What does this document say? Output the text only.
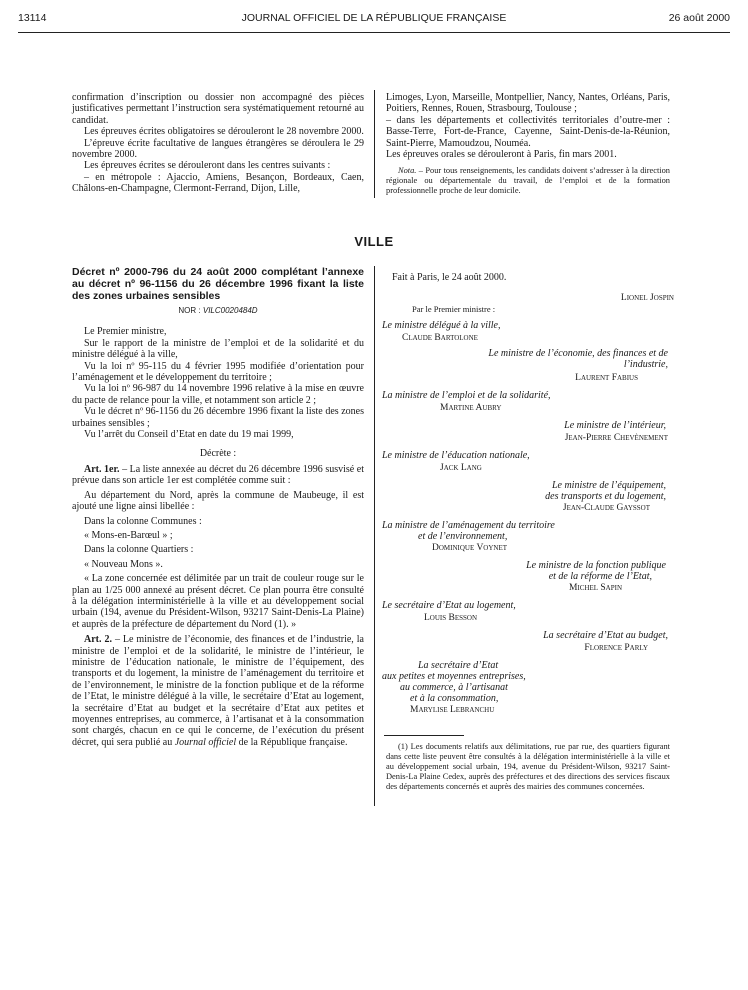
13114	JOURNAL OFFICIEL DE LA RÉPUBLIQUE FRANÇAISE	26 août 2000

confirmation d’inscription ou dossier non accompagné des pièces justificatives permettant l’instruction sera systématiquement retourné au candidat.

Les épreuves écrites obligatoires se dérouleront le 28 novembre 2000.

L’épreuve écrite facultative de langues étrangères se déroulera le 29 novembre 2000.

Les épreuves écrites se dérouleront dans les centres suivants :

– en métropole : Ajaccio, Amiens, Besançon, Bordeaux, Caen, Châlons-en-Champagne, Clermont-Ferrand, Dijon, Lille,

Limoges, Lyon, Marseille, Montpellier, Nancy, Nantes, Orléans, Paris, Poitiers, Rennes, Rouen, Strasbourg, Toulouse ;

– dans les départements et collectivités territoriales d’outre-mer : Basse-Terre, Fort-de-France, Cayenne, Saint-Denis-de-la-Réunion, Saint-Pierre, Mamoudzou, Nouméa.

Les épreuves orales se dérouleront à Paris, fin mars 2001.

Nota. – Pour tous renseignements, les candidats doivent s’adresser à la direction régionale ou départementale du travail, de l’emploi et de la formation professionnelle proche de leur domicile.

VILLE
Décret nº 2000-796 du 24 août 2000 complétant l’annexe au décret nº 96-1156 du 26 décembre 1996 fixant la liste des zones urbaines sensibles
NOR : VILC0020484D

Le Premier ministre,

Sur le rapport de la ministre de l’emploi et de la solidarité et du ministre délégué à la ville,

Vu la loi nº 95-115 du 4 février 1995 modifiée d’orientation pour l’aménagement et le développement du territoire ;

Vu la loi nº 96-987 du 14 novembre 1996 relative à la mise en œuvre du pacte de relance pour la ville, et notamment son article 2 ;

Vu le décret nº 96-1156 du 26 décembre 1996 fixant la liste des zones urbaines sensibles ;

Vu l’arrêt du Conseil d’Etat en date du 19 mai 1999,

Décrète :

Art. 1er. – La liste annexée au décret du 26 décembre 1996 susvisé et prévue dans son article 1er est complétée comme suit :

Au département du Nord, après la commune de Maubeuge, il est ajouté une ligne ainsi libellée :

Dans la colonne Communes :

« Mons-en-Barœul » ;

Dans la colonne Quartiers :

« Nouveau Mons ».

« La zone concernée est délimitée par un trait de couleur rouge sur le plan au 1/25 000 annexé au présent décret. Ce plan pourra être consulté à la délégation interministérielle à la ville et au développement social urbain (194, avenue du Président-Wilson, 93217 Saint-Denis-La Plaine) et auprès de la préfecture de département du Nord (1). »

Art. 2. – Le ministre de l’économie, des finances et de l’industrie, la ministre de l’emploi et de la solidarité, le ministre de l’intérieur, le ministre de l’éducation nationale, le ministre de l’équipement, des transports et du logement, la ministre de l’aménagement du territoire et de l’environnement, le ministre de la fonction publique et de la réforme de l’Etat, le ministre délégué à la ville, le secrétaire d’Etat au logement, la secrétaire d’Etat au budget et la secrétaire d’Etat aux petites et moyennes entreprises, au commerce, à l’artisanat et à la consommation sont chargés, chacun en ce qui le concerne, de l’exécution du présent décret, qui sera publié au Journal officiel de la République française.

Fait à Paris, le 24 août 2000.
Lionel Jospin
Par le Premier ministre :
Le ministre délégué à la ville,
Claude Bartolone
Le ministre de l’économie, des finances et de l’industrie,
Laurent Fabius
La ministre de l’emploi et de la solidarité,
Martine Aubry
Le ministre de l’intérieur,
Jean-Pierre Chevènement
Le ministre de l’éducation nationale,
Jack Lang
Le ministre de l’équipement,
des transports et du logement,
Jean-Claude Gayssot
La ministre de l’aménagement du territoire
et de l’environnement,
Dominique Voynet
Le ministre de la fonction publique
et de la réforme de l’Etat,
Michel Sapin
Le secrétaire d’Etat au logement,
Louis Besson
La secrétaire d’Etat au budget,
Florence Parly
La secrétaire d’Etat
aux petites et moyennes entreprises,
au commerce, à l’artisanat
et à la consommation,
Marylise Lebranchu

(1) Les documents relatifs aux délimitations, rue par rue, des quartiers figurant dans cette liste peuvent être consultés à la délégation interministérielle à la ville et au développement social urbain, 194, avenue du Président-Wilson, 93217 Saint-Denis-La Plaine Cedex, auprès des préfectures et des directions des services fiscaux des départements concernés et auprès des mairies des communes concernées.
